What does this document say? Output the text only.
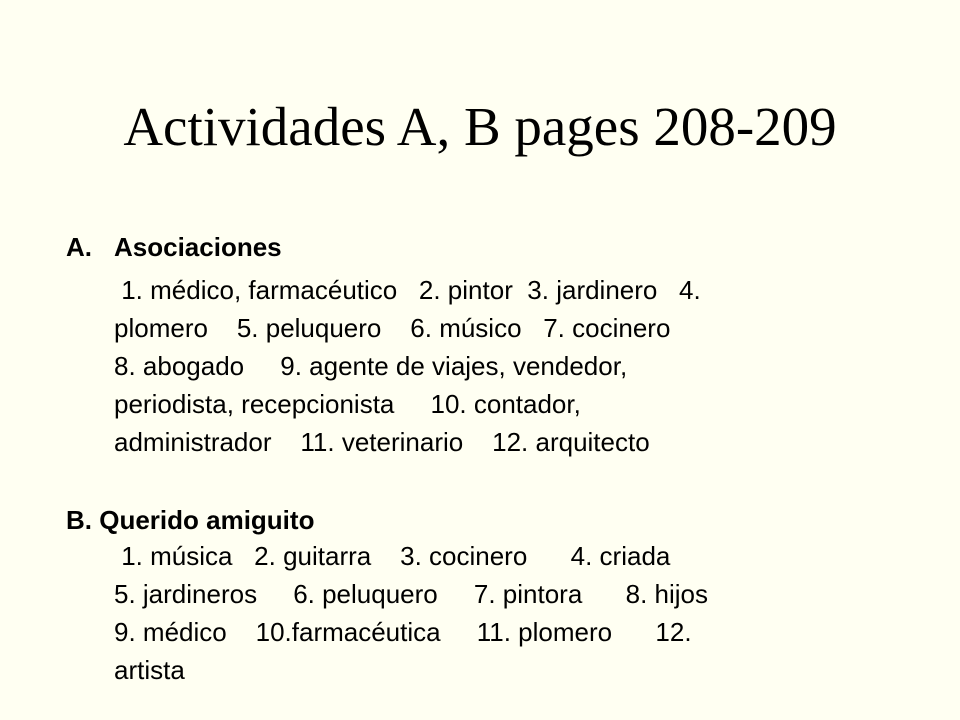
Actividades A, B pages 208-209
A. Asociaciones
1. médico, farmacéutico   2. pintor  3. jardinero   4.
plomero    5. peluquero    6. músico   7. cocinero
8. abogado     9. agente de viajes, vendedor,
periodista, recepcionista     10. contador,
administrador    11. veterinario    12. arquitecto
B. Querido amiguito
1. música   2. guitarra    3. cocinero      4. criada
5. jardineros     6. peluquero     7. pintora      8. hijos
9. médico    10.farmacéutica     11. plomero      12.
artista
